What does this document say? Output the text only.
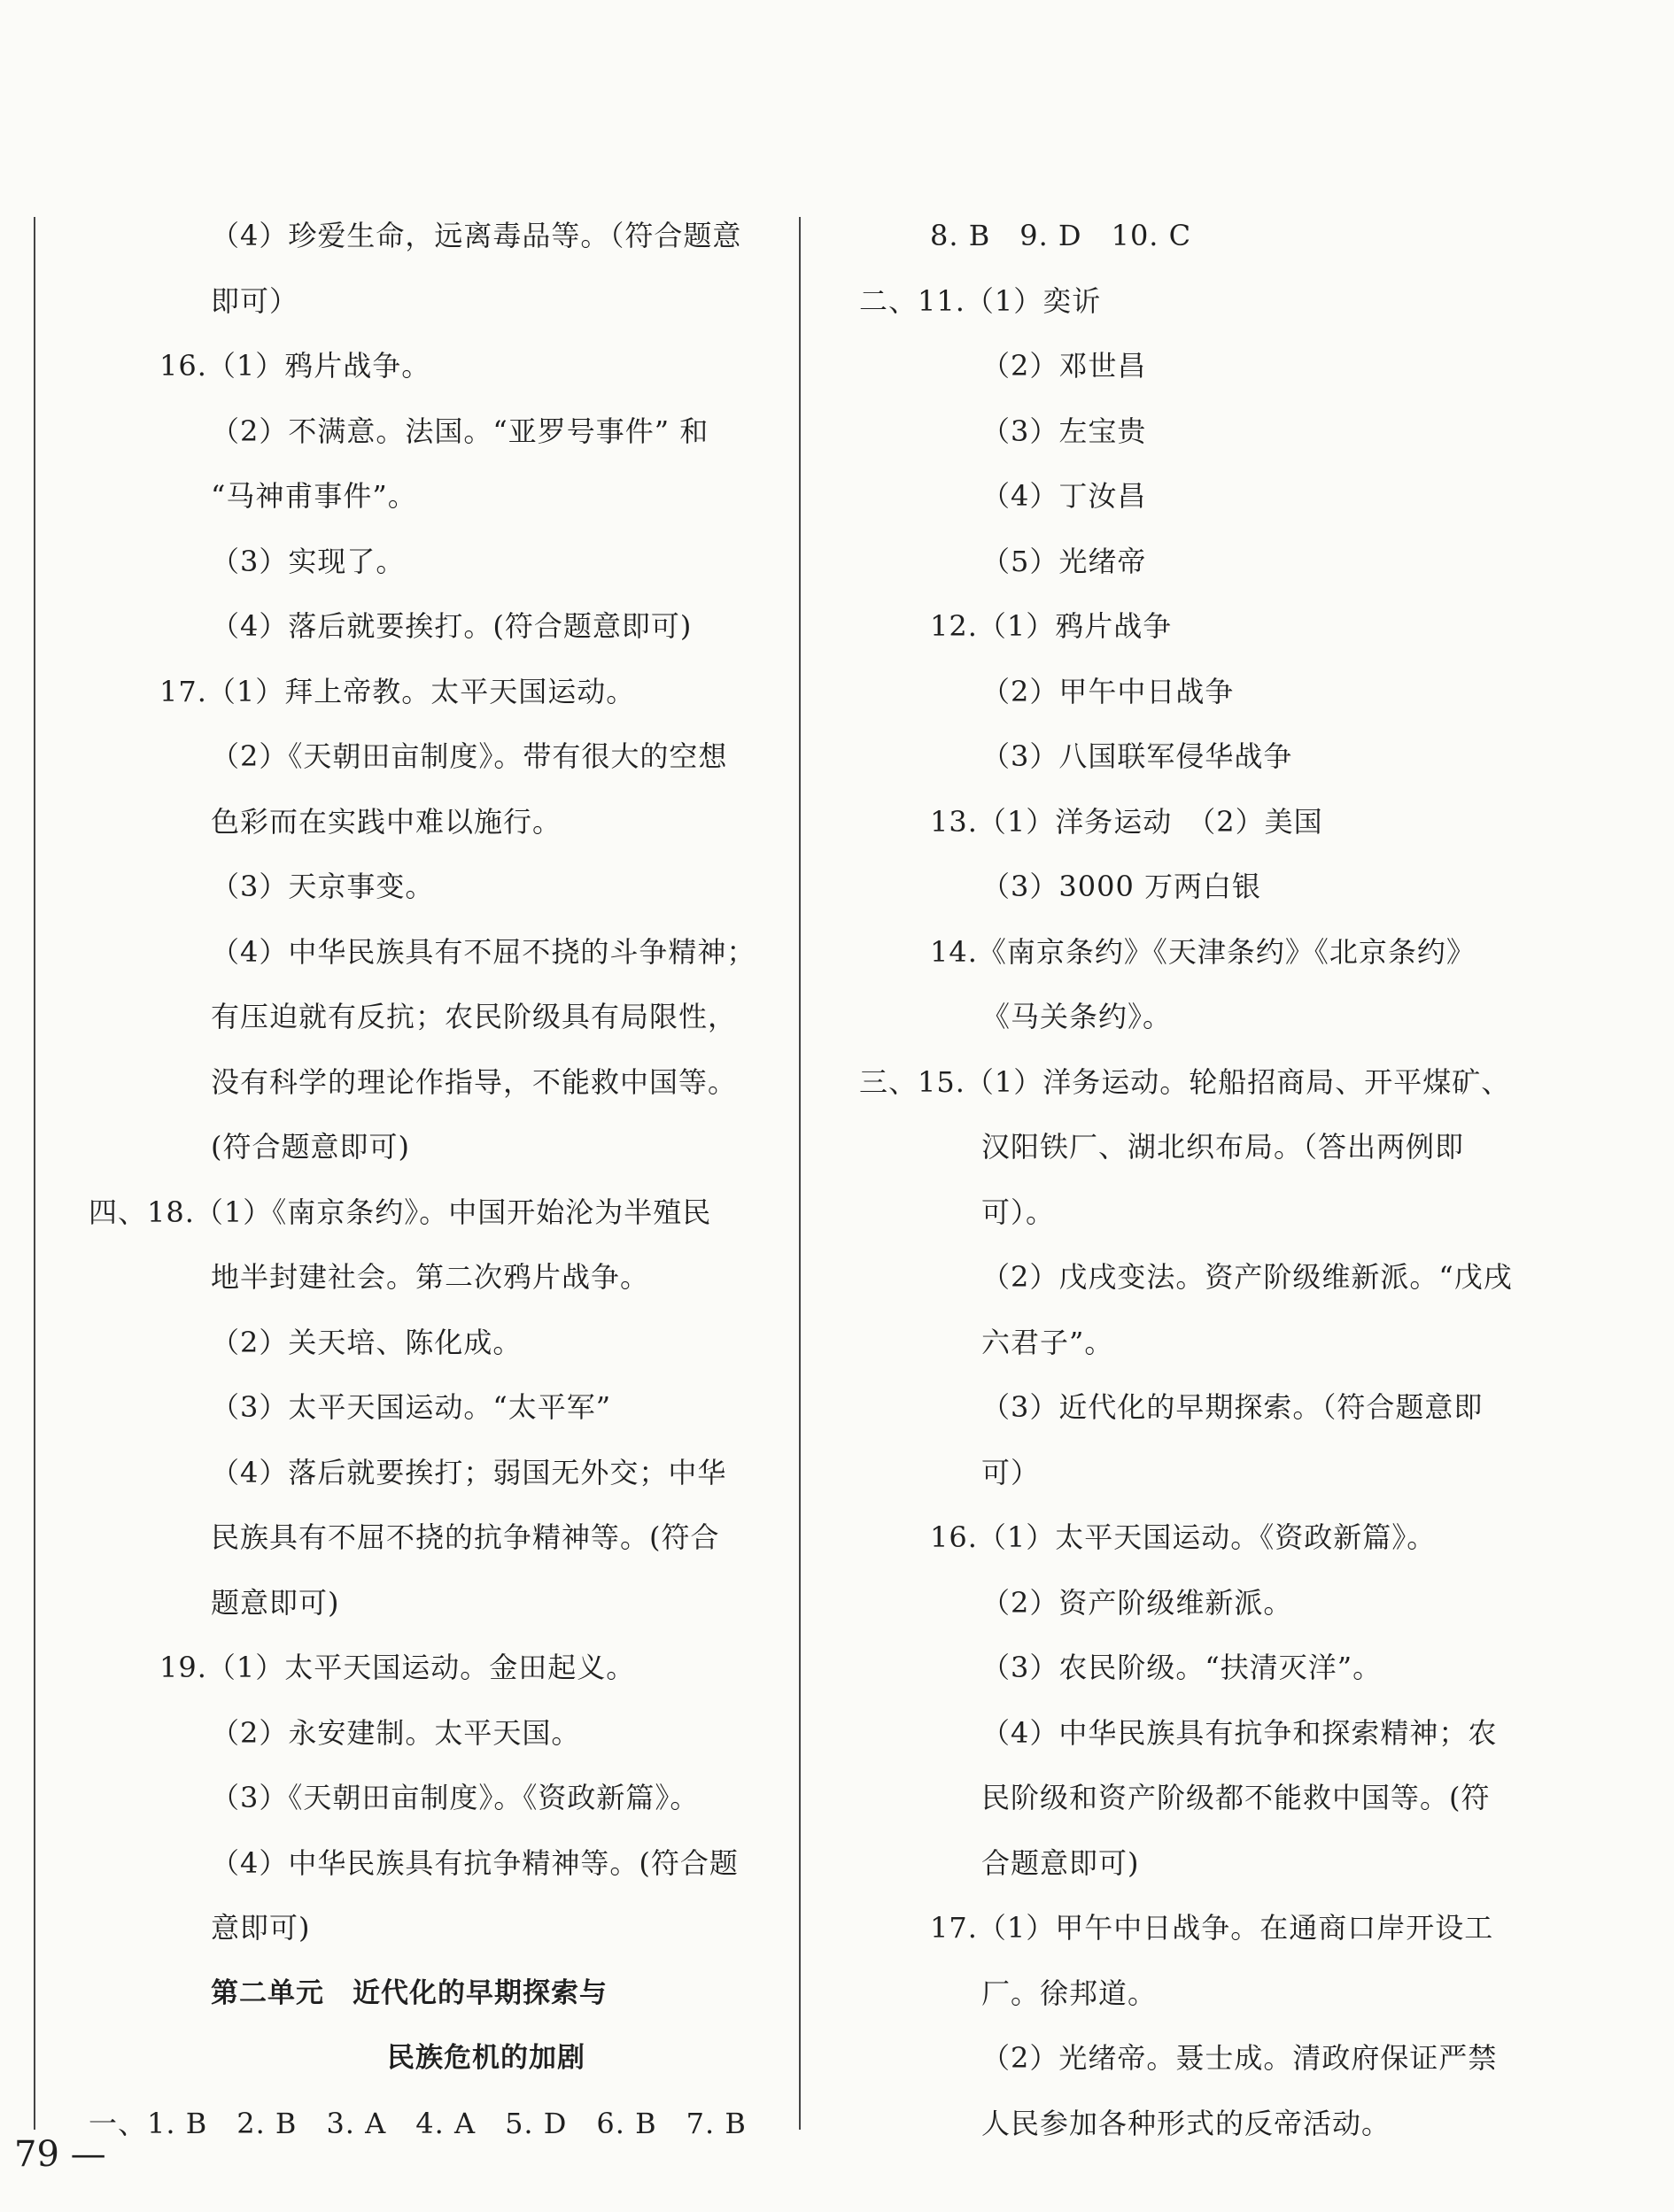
（4）珍爱生命，远离毒品等。（符合题意
即可）
16.（1）鸦片战争。
（2）不满意。法国。“亚罗号事件” 和
“马神甫事件”。
（3）实现了。
（4）落后就要挨打。(符合题意即可)
17.（1）拜上帝教。太平天国运动。
（2）《天朝田亩制度》。带有很大的空想
色彩而在实践中难以施行。
（3）天京事变。
（4）中华民族具有不屈不挠的斗争精神；
有压迫就有反抗；农民阶级具有局限性，
没有科学的理论作指导，不能救中国等。
(符合题意即可)
四、18.（1）《南京条约》。中国开始沦为半殖民
地半封建社会。第二次鸦片战争。
（2）关天培、陈化成。
（3）太平天国运动。“太平军”
（4）落后就要挨打；弱国无外交；中华
民族具有不屈不挠的抗争精神等。(符合
题意即可)
19.（1）太平天国运动。金田起义。
（2）永安建制。太平天国。
（3）《天朝田亩制度》。《资政新篇》。
（4）中华民族具有抗争精神等。(符合题
意即可)
第二单元　近代化的早期探索与
民族危机的加剧
一、1. B　2. B　3. A　4. A　5. D　6. B　7. B
8. B　9. D　10. C
二、11.（1）奕䜣
（2）邓世昌
（3）左宝贵
（4）丁汝昌
（5）光绪帝
12.（1）鸦片战争
（2）甲午中日战争
（3）八国联军侵华战争
13.（1）洋务运动　（2）美国
（3）3000 万两白银
14.《南京条约》《天津条约》《北京条约》
《马关条约》。
三、15.（1）洋务运动。轮船招商局、开平煤矿、
汉阳铁厂、湖北织布局。（答出两例即
可）。
（2）戊戌变法。资产阶级维新派。“戊戌
六君子”。
（3）近代化的早期探索。（符合题意即
可）
16.（1）太平天国运动。《资政新篇》。
（2）资产阶级维新派。
（3）农民阶级。“扶清灭洋”。
（4）中华民族具有抗争和探索精神；农
民阶级和资产阶级都不能救中国等。(符
合题意即可)
17.（1）甲午中日战争。在通商口岸开设工
厂。徐邦道。
（2）光绪帝。聂士成。清政府保证严禁
人民参加各种形式的反帝活动。
79 —
